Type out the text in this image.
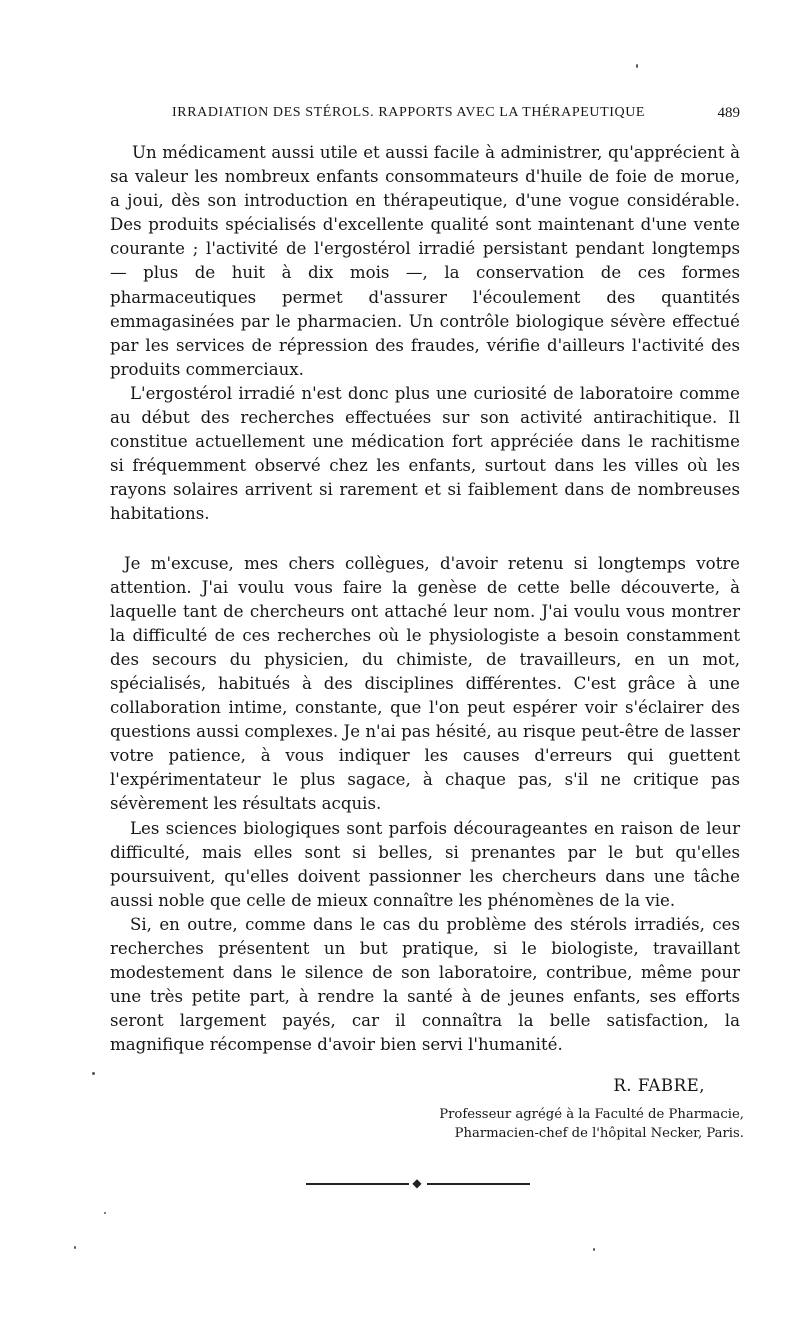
IRRADIATION DES STÉROLS. RAPPORTS AVEC LA THÉRAPEUTIQUE	489

Un médicament aussi utile et aussi facile à administrer, qu'apprécient à sa valeur les nombreux enfants consommateurs d'huile de foie de morue, a joui, dès son introduction en thérapeutique, d'une vogue considérable. Des produits spécialisés d'excellente qualité sont maintenant d'une vente courante ; l'activité de l'ergostérol irradié persistant pendant longtemps — plus de huit à dix mois —, la conservation de ces formes pharmaceutiques permet d'assurer l'écoulement des quantités emmagasinées par le pharmacien. Un contrôle biologique sévère effectué par les services de répression des fraudes, vérifie d'ailleurs l'activité des produits commerciaux.

L'ergostérol irradié n'est donc plus une curiosité de laboratoire comme au début des recherches effectuées sur son activité antirachitique. Il constitue actuellement une médication fort appréciée dans le rachitisme si fréquemment observé chez les enfants, surtout dans les villes où les rayons solaires arrivent si rarement et si faiblement dans de nombreuses habitations.

Je m'excuse, mes chers collègues, d'avoir retenu si longtemps votre attention. J'ai voulu vous faire la genèse de cette belle découverte, à laquelle tant de chercheurs ont attaché leur nom. J'ai voulu vous montrer la difficulté de ces recherches où le physiologiste a besoin constamment des secours du physicien, du chimiste, de travailleurs, en un mot, spécialisés, habitués à des disciplines différentes. C'est grâce à une collaboration intime, constante, que l'on peut espérer voir s'éclairer des questions aussi complexes. Je n'ai pas hésité, au risque peut-être de lasser votre patience, à vous indiquer les causes d'erreurs qui guettent l'expérimentateur le plus sagace, à chaque pas, s'il ne critique pas sévèrement les résultats acquis.

Les sciences biologiques sont parfois décourageantes en raison de leur difficulté, mais elles sont si belles, si prenantes par le but qu'elles poursuivent, qu'elles doivent passionner les chercheurs dans une tâche aussi noble que celle de mieux connaître les phénomènes de la vie.

Si, en outre, comme dans le cas du problème des stérols irradiés, ces recherches présentent un but pratique, si le biologiste, travaillant modestement dans le silence de son laboratoire, contribue, même pour une très petite part, à rendre la santé à de jeunes enfants, ses efforts seront largement payés, car il connaîtra la belle satisfaction, la magnifique récompense d'avoir bien servi l'humanité.

R. FABRE,
Professeur agrégé à la Faculté de Pharmacie,
Pharmacien-chef de l'hôpital Necker, Paris.
◆
